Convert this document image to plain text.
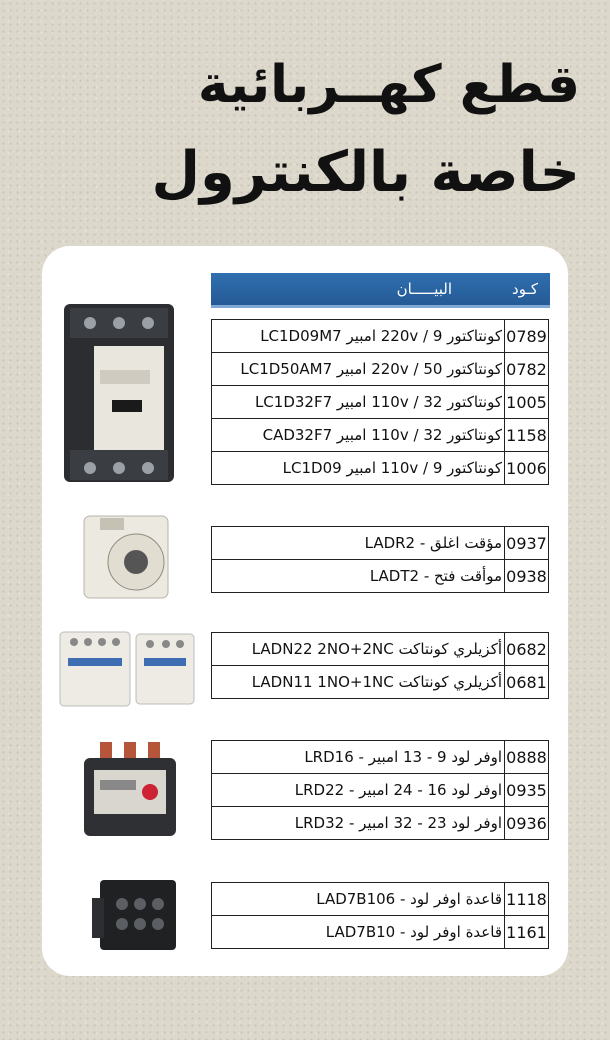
قطع كهــربائية
خاصة بالكنترول
كـود
البيـــــان
0789
كونتاكتور 220v / 9 امبير LC1D09M7
0782
كونتاكتور 220v / 50 امبير LC1D50AM7
1005
كونتاكتور 110v / 32 امبير LC1D32F7
1158
كونتاكتور 110v / 32 امبير CAD32F7
1006
كونتاكتور 110v / 9 امبير LC1D09
0937
مؤقت اغلق - LADR2
0938
موأقت فتح - LADT2
0682
أكزيلري كونتاكت LADN22 2NO+2NC
0681
أكزيلري كونتاكت LADN11 1NO+1NC
0888
اوفر لود 9 - 13 امبير - LRD16
0935
اوفر لود 16 - 24 امبير - LRD22
0936
اوفر لود 23 - 32 امبير - LRD32
1118
قاعدة اوفر لود - LAD7B106
1161
قاعدة اوفر لود - LAD7B10
